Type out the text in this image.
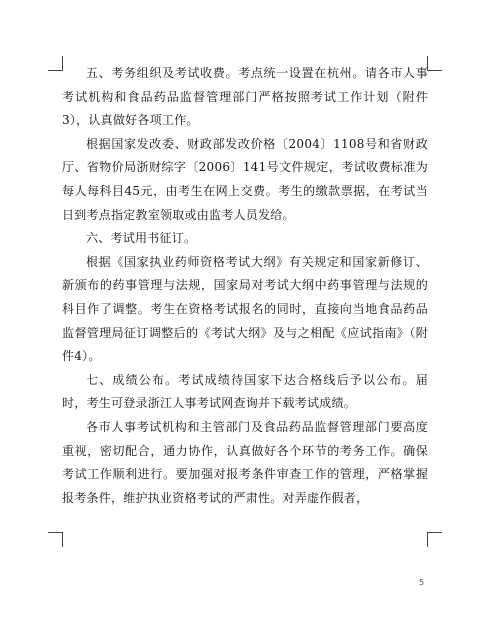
五、考务组织及考试收费。考点统一设置在杭州。请各市人事考试机构和食品药品监督管理部门严格按照考试工作计划（附件3），认真做好各项工作。

根据国家发改委、财政部发改价格〔2004〕1108号和省财政厅、省物价局浙财综字〔2006〕141号文件规定，考试收费标准为每人每科目45元，由考生在网上交费。考生的缴款票据，在考试当日到考点指定教室领取或由监考人员发给。

六、考试用书征订。

根据《国家执业药师资格考试大纲》有关规定和国家新修订、新颁布的药事管理与法规，国家局对考试大纲中药事管理与法规的科目作了调整。考生在资格考试报名的同时，直接向当地食品药品监督管理局征订调整后的《考试大纲》及与之相配《应试指南》（附件4）。

七、成绩公布。考试成绩待国家下达合格线后予以公布。届时，考生可登录浙江人事考试网查询并下载考试成绩。

各市人事考试机构和主管部门及食品药品监督管理部门要高度重视，密切配合，通力协作，认真做好各个环节的考务工作。确保考试工作顺利进行。要加强对报考条件审查工作的管理，严格掌握报考条件，维护执业资格考试的严肃性。对弄虚作假者，

5
